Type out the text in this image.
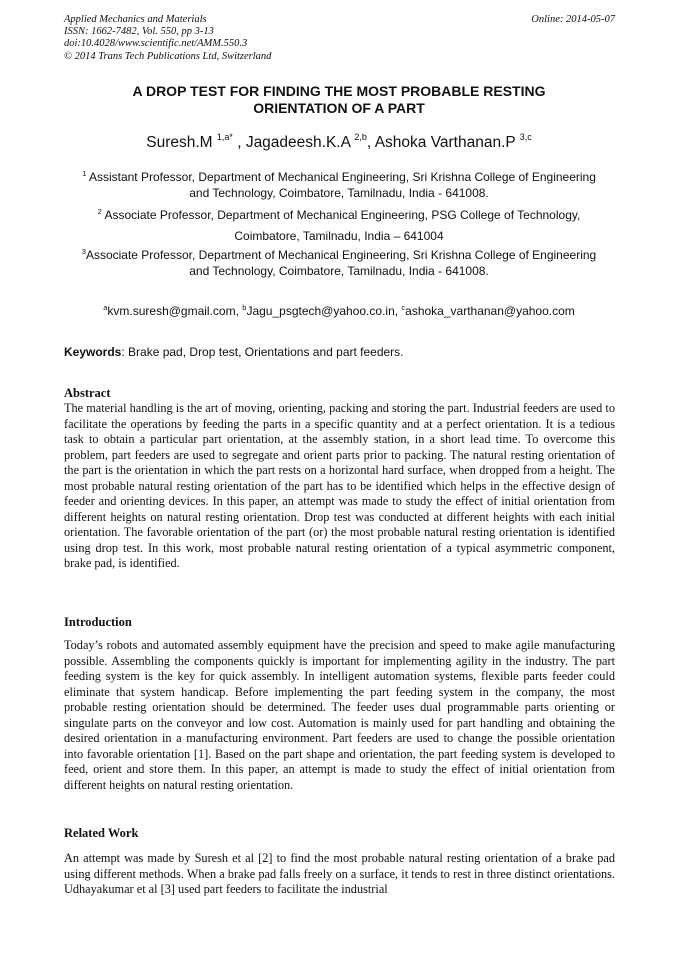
Applied Mechanics and Materials
ISSN: 1662-7482, Vol. 550, pp 3-13
doi:10.4028/www.scientific.net/AMM.550.3
© 2014 Trans Tech Publications Ltd, Switzerland
Online: 2014-05-07
A DROP TEST FOR FINDING THE MOST PROBABLE RESTING
ORIENTATION OF A PART
Suresh.M $^{1,a*}$ , Jagadeesh.K.A $^{2,b}$, Ashoka Varthanan.P $^{3,c}$
$^1$ Assistant Professor, Department of Mechanical Engineering, Sri Krishna College of Engineering
and Technology, Coimbatore, Tamilnadu, India - 641008.
$^2$ Associate Professor, Department of Mechanical Engineering, PSG College of Technology,
Coimbatore, Tamilnadu, India – 641004
$^3$Associate Professor, Department of Mechanical Engineering, Sri Krishna College of Engineering
and Technology, Coimbatore, Tamilnadu, India - 641008.
$^a$kvm.suresh@gmail.com, $^b$Jagu_psgtech@yahoo.co.in, $^c$ashoka_varthanan@yahoo.com
Keywords: Brake pad, Drop test, Orientations and part feeders.
Abstract
The material handling is the art of moving, orienting, packing and storing the part. Industrial feeders are used to facilitate the operations by feeding the parts in a specific quantity and at a perfect orientation. It is a tedious task to obtain a particular part orientation, at the assembly station, in a short lead time. To overcome this problem, part feeders are used to segregate and orient parts prior to packing. The natural resting orientation of the part is the orientation in which the part rests on a horizontal hard surface, when dropped from a height. The most probable natural resting orientation of the part has to be identified which helps in the effective design of feeder and orienting devices. In this paper, an attempt was made to study the effect of initial orientation from different heights on natural resting orientation. Drop test was conducted at different heights with each initial orientation. The favorable orientation of the part (or) the most probable natural resting orientation is identified using drop test. In this work, most probable natural resting orientation of a typical asymmetric component, brake pad, is identified.
Introduction
Today’s robots and automated assembly equipment have the precision and speed to make agile manufacturing possible. Assembling the components quickly is important for implementing agility in the industry. The part feeding system is the key for quick assembly. In intelligent automation systems, flexible parts feeder could eliminate that system handicap. Before implementing the part feeding system in the company, the most probable resting orientation should be determined. The feeder uses dual programmable parts orienting or singulate parts on the conveyor and low cost. Automation is mainly used for part handling and obtaining the desired orientation in a manufacturing environment. Part feeders are used to change the possible orientation into favorable orientation [1]. Based on the part shape and orientation, the part feeding system is developed to feed, orient and store them. In this paper, an attempt is made to study the effect of initial orientation from different heights on natural resting orientation.
Related Work
An attempt was made by Suresh et al [2] to find the most probable natural resting orientation of a brake pad using different methods. When a brake pad falls freely on a surface, it tends to rest in three distinct orientations. Udhayakumar et al [3] used part feeders to facilitate the industrial
